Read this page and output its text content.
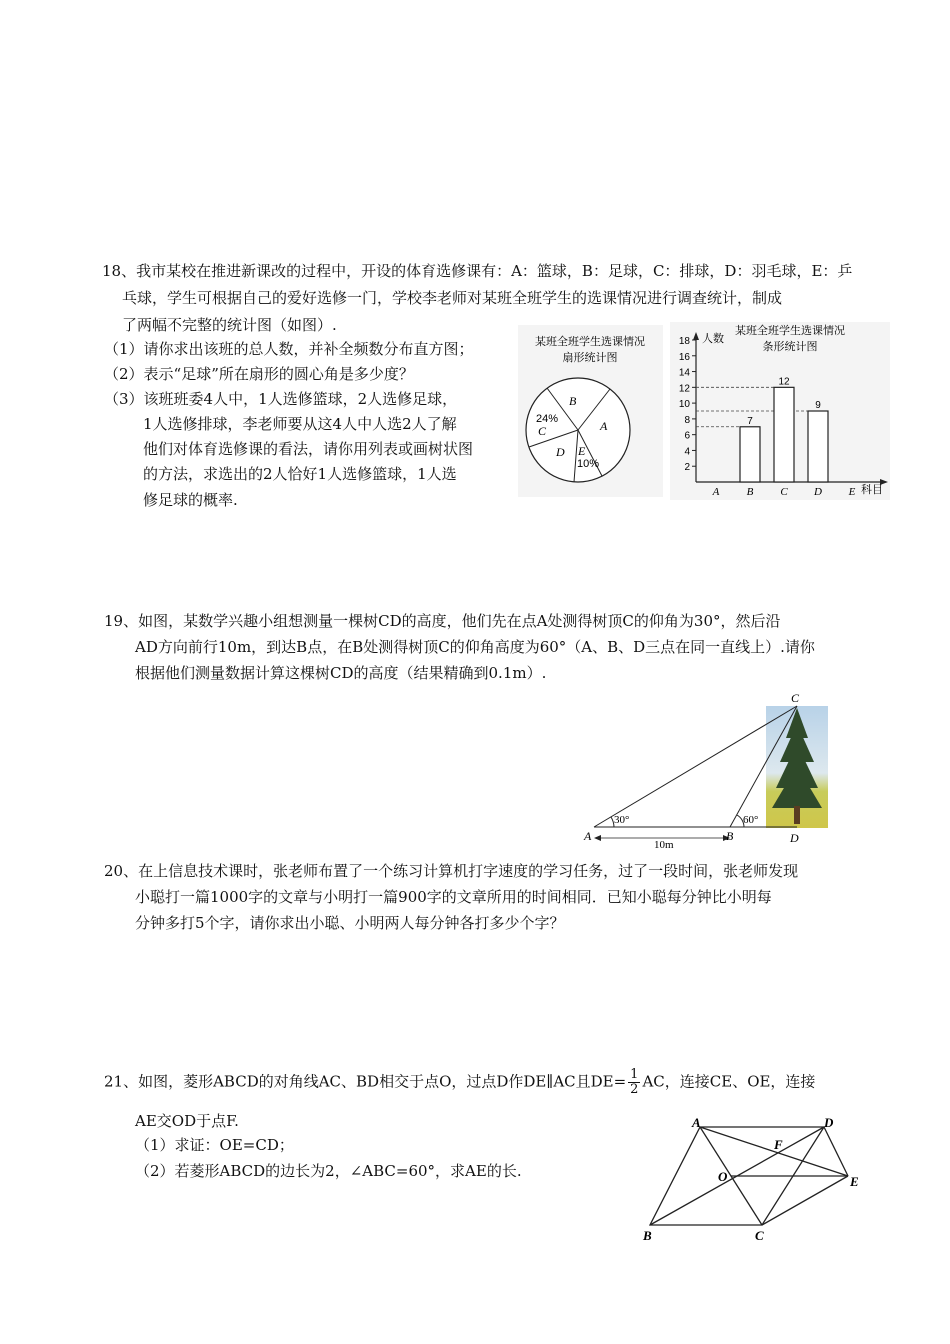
18、我市某校在推进新课改的过程中，开设的体育选修课有：A：篮球，B：足球，C：排球，D：羽毛球，E：乒
乓球，学生可根据自己的爱好选修一门，学校李老师对某班全班学生的选课情况进行调查统计，制成
了两幅不完整的统计图（如图）.
（1）请你求出该班的总人数，并补全频数分布直方图；
（2）表示“足球”所在扇形的圆心角是多少度？
（3）该班班委4人中，1人选修篮球，2人选修足球，
1人选修排球，李老师要从这4人中人选2人了解
他们对体育选修课的看法，请你用列表或画树状图
的方法，求选出的2人恰好1人选修篮球，1人选
修足球的概率.
某班全班学生选课情况
扇形统计图
A
B
C
D E
24%
10%
某班全班学生选课情况
条形统计图
人数
科目
2
4
6
8
10
12
14
16
18
7
12
9
A B C D E
19、如图，某数学兴趣小组想测量一棵树CD的高度，他们先在点A处测得树顶C的仰角为30°，然后沿
AD方向前行10m，到达B点，在B处测得树顶C的仰角高度为60°（A、B、D三点在同一直线上）.请你
根据他们测量数据计算这棵树CD的高度（结果精确到0.1m）.
C
A	B	D
30°	60°
10m
20、在上信息技术课时，张老师布置了一个练习计算机打字速度的学习任务，过了一段时间，张老师发现
小聪打一篇1000字的文章与小明打一篇900字的文章所用的时间相同．已知小聪每分钟比小明每
分钟多打5个字，请你求出小聪、小明两人每分钟各打多少个字？
21、如图，菱形ABCD的对角线AC、BD相交于点O，过点D作DE∥AC且$DE= \frac{1}{2}$ AC，连接CE、OE，连接
AE交OD于点F.
（1）求证：OE=CD；
（2）若菱形ABCD的边长为2，∠ABC=60°，求AE的长.
A	D
B	C
E
O
F
